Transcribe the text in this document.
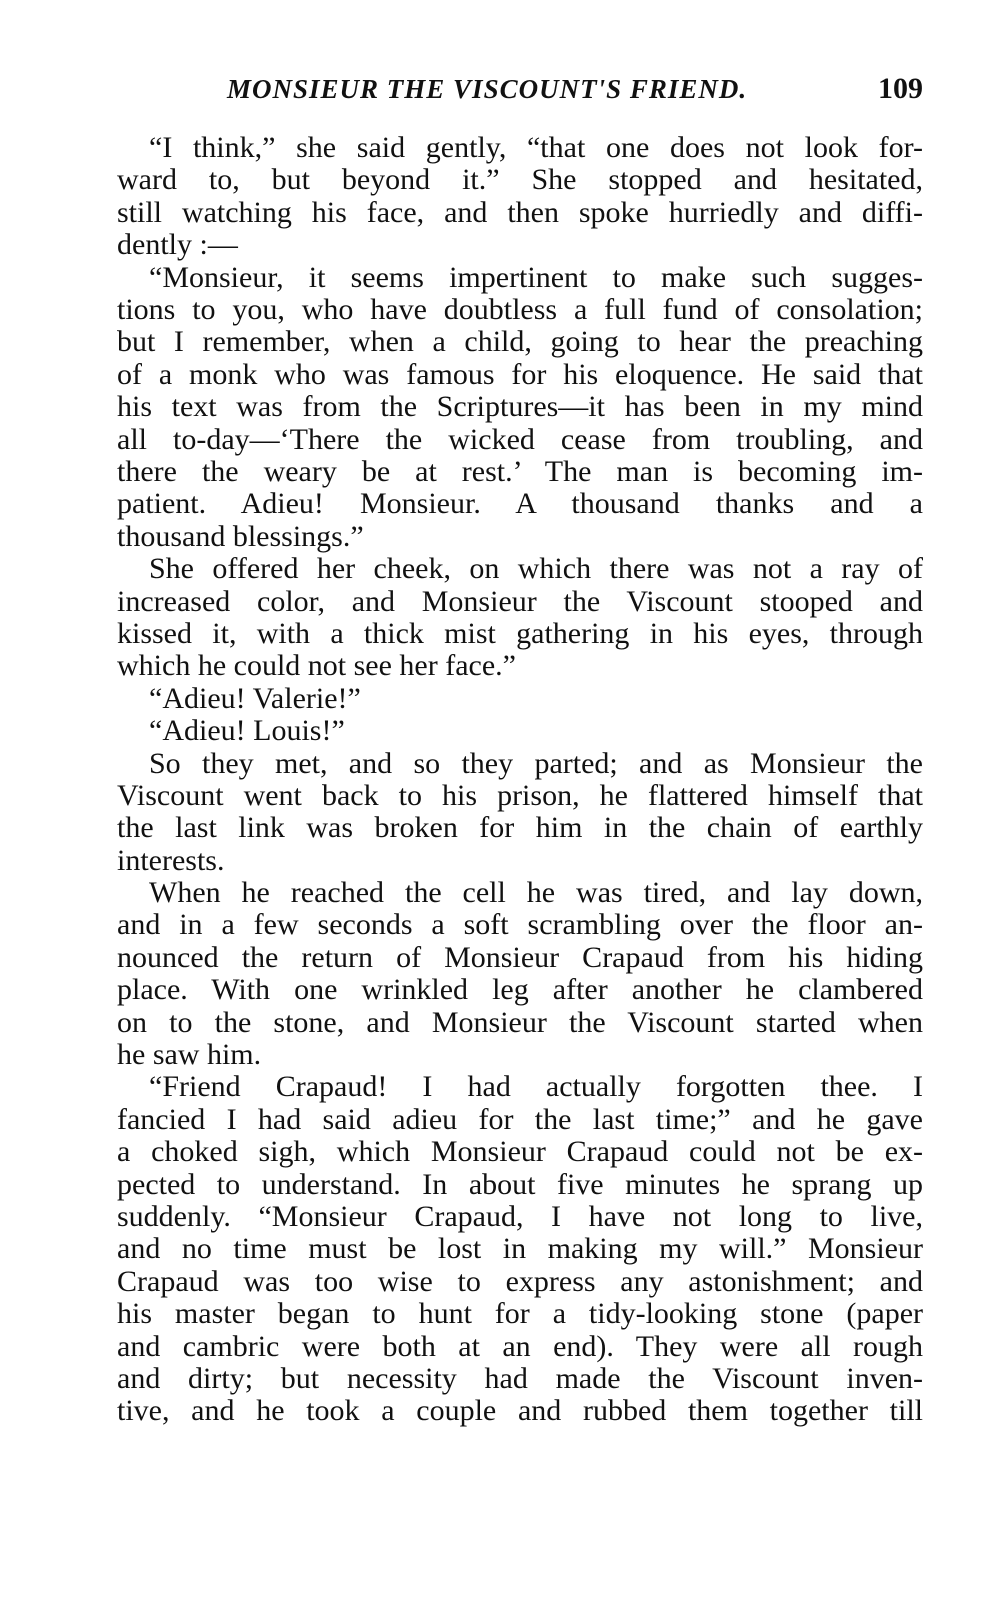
MONSIEUR THE VISCOUNT'S FRIEND.	109
“I think,” she said gently, “that one does not look for-
ward to, but beyond it.” She stopped and hesitated,
still watching his face, and then spoke hurriedly and diffi-
dently :—
“Monsieur, it seems impertinent to make such sugges-
tions to you, who have doubtless a full fund of consolation;
but I remember, when a child, going to hear the preaching
of a monk who was famous for his eloquence. He said that
his text was from the Scriptures—it has been in my mind
all to-day—‘There the wicked cease from troubling, and
there the weary be at rest.’ The man is becoming im-
patient. Adieu! Monsieur. A thousand thanks and a
thousand blessings.”
She offered her cheek, on which there was not a ray of
increased color, and Monsieur the Viscount stooped and
kissed it, with a thick mist gathering in his eyes, through
which he could not see her face.”
“Adieu! Valerie!”
“Adieu! Louis!”
So they met, and so they parted; and as Monsieur the
Viscount went back to his prison, he flattered himself that
the last link was broken for him in the chain of earthly
interests.
When he reached the cell he was tired, and lay down,
and in a few seconds a soft scrambling over the floor an-
nounced the return of Monsieur Crapaud from his hiding
place. With one wrinkled leg after another he clambered
on to the stone, and Monsieur the Viscount started when
he saw him.
“Friend Crapaud! I had actually forgotten thee. I
fancied I had said adieu for the last time;” and he gave
a choked sigh, which Monsieur Crapaud could not be ex-
pected to understand. In about five minutes he sprang up
suddenly. “Monsieur Crapaud, I have not long to live,
and no time must be lost in making my will.” Monsieur
Crapaud was too wise to express any astonishment; and
his master began to hunt for a tidy-looking stone (paper
and cambric were both at an end). They were all rough
and dirty; but necessity had made the Viscount inven-
tive, and he took a couple and rubbed them together till
